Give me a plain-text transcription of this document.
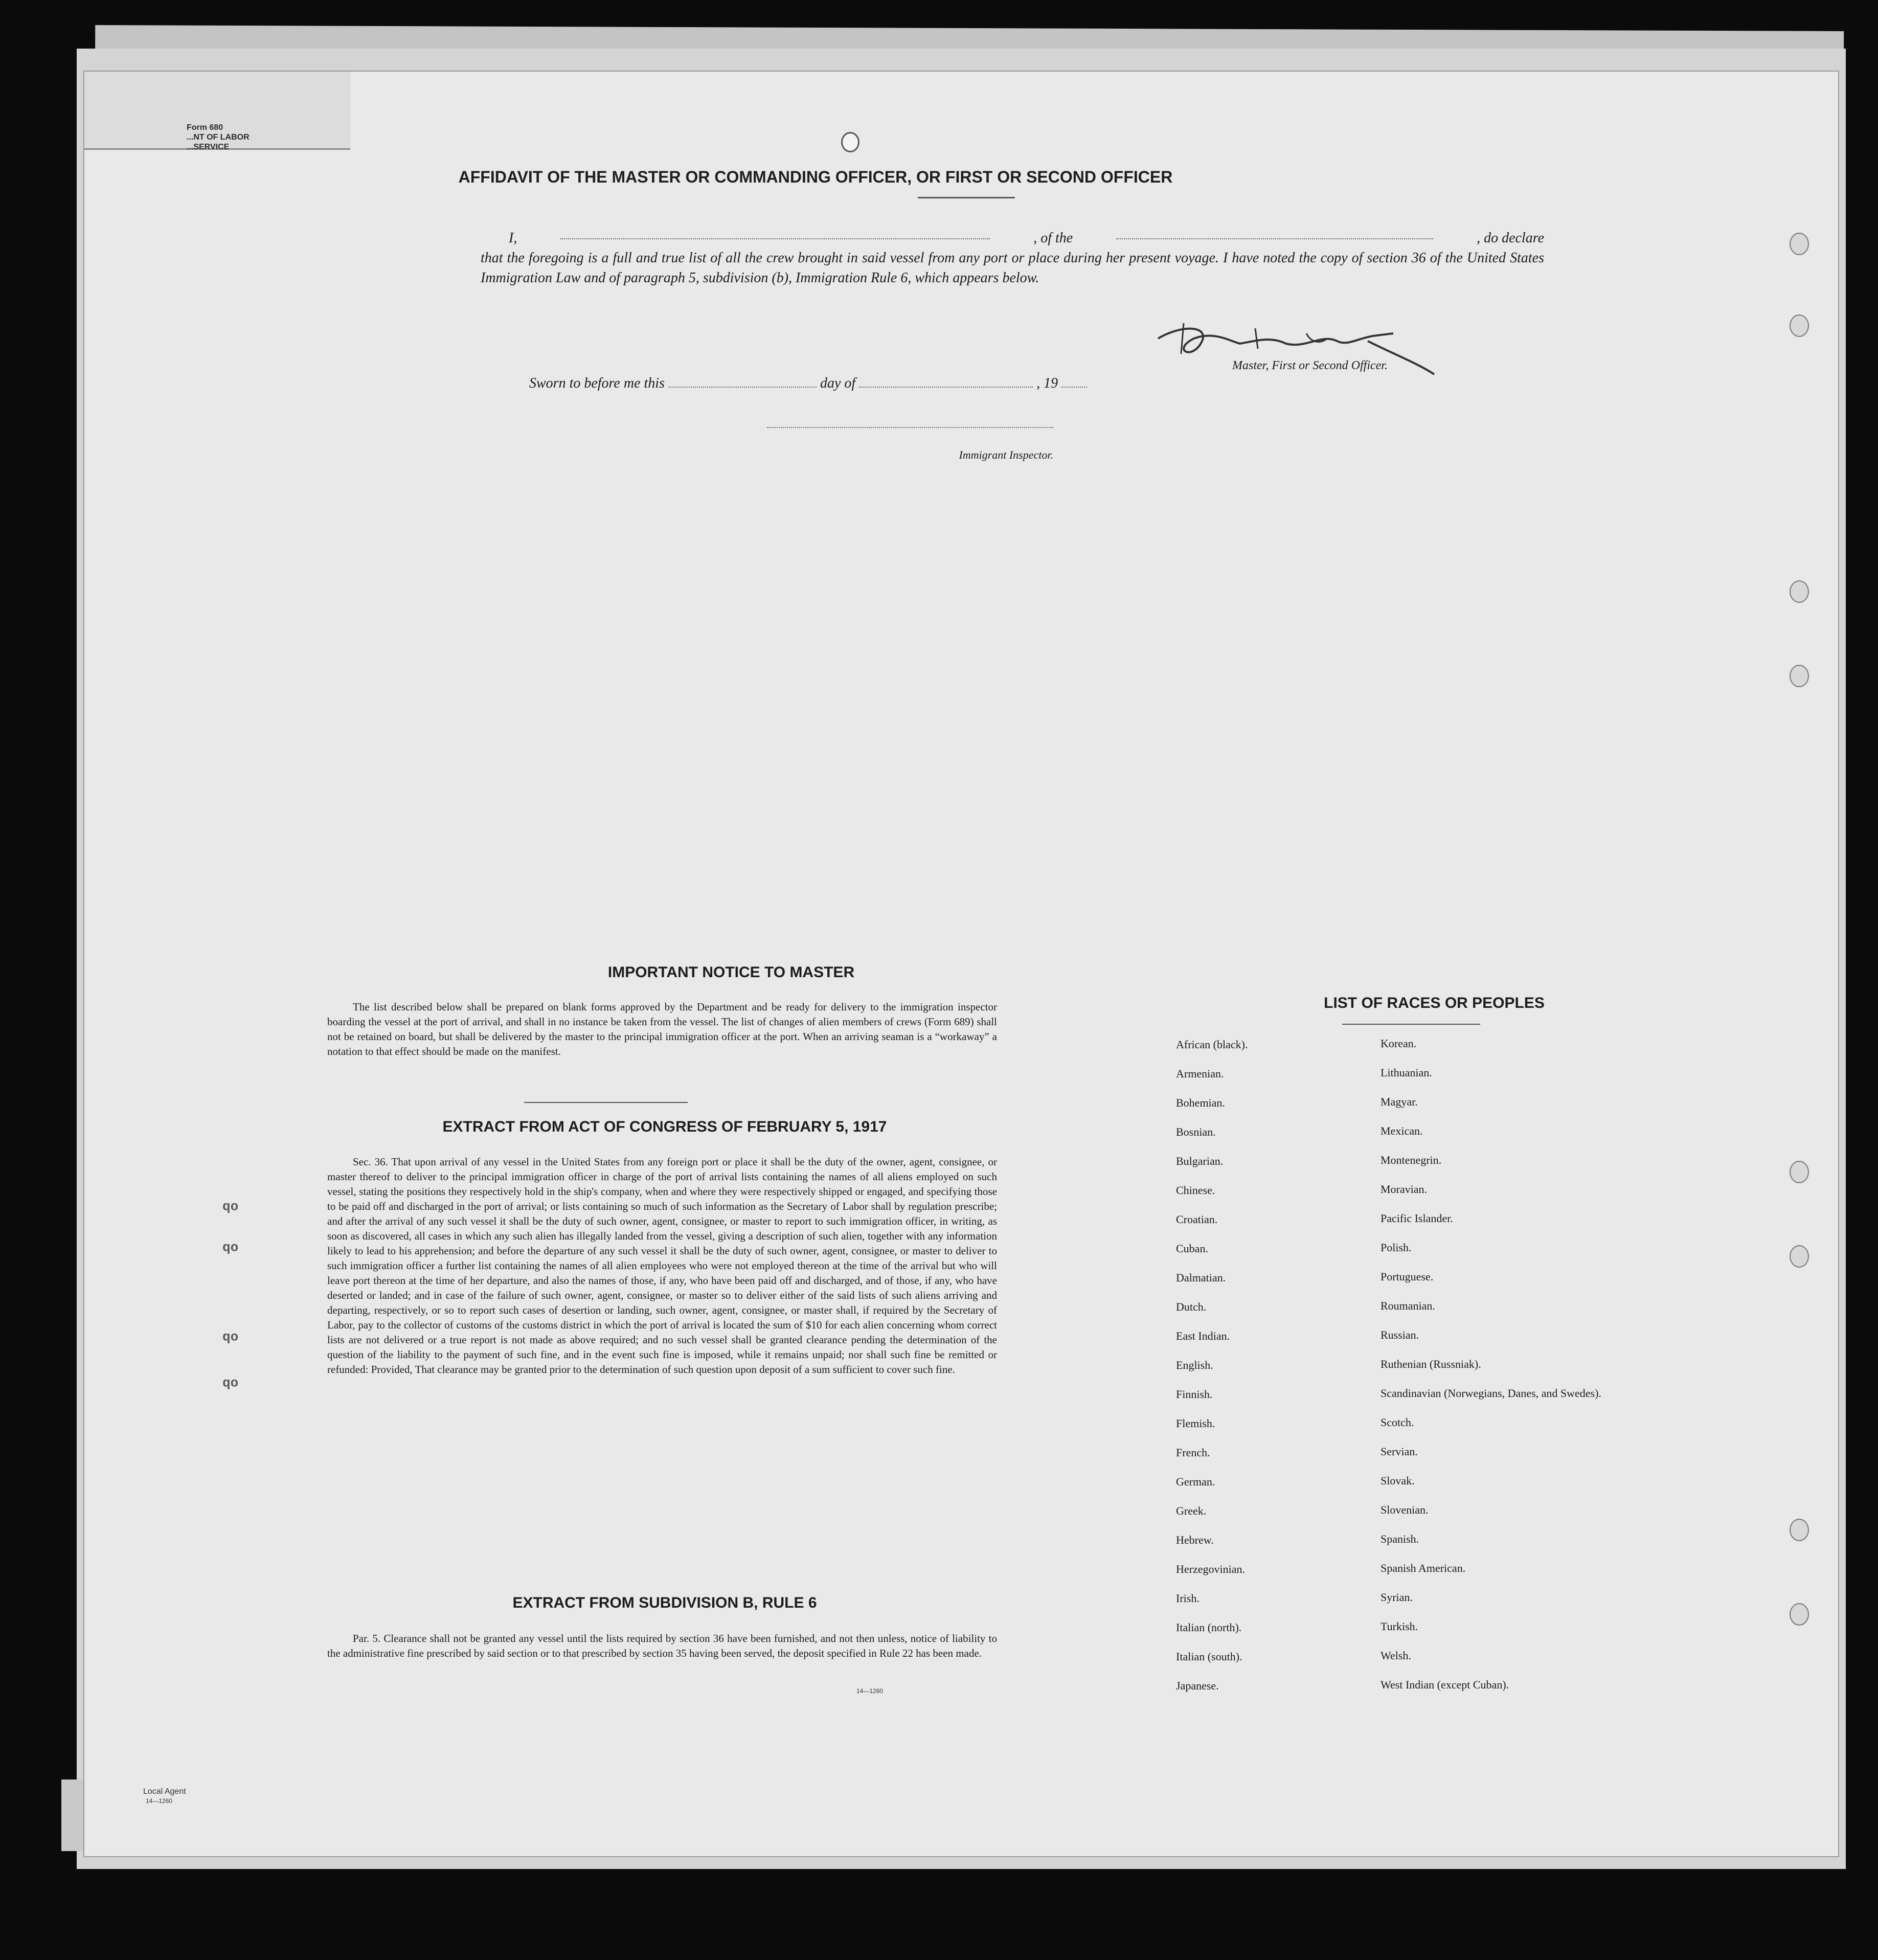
Form 680
...NT OF LABOR
...SERVICE
AFFIDAVIT OF THE MASTER OR COMMANDING OFFICER, OR FIRST OR SECOND OFFICER
I,	, of the	, do declare
that the foregoing is a full and true list of all the crew brought in said vessel from any port or place during her present voyage. I have noted the copy of section 36 of the United States Immigration Law and of paragraph 5, subdivision (b), Immigration Rule 6, which appears below.
Master, First or Second Officer.
Sworn to before me this	day of	, 19
Immigrant Inspector.
IMPORTANT NOTICE TO MASTER
The list described below shall be prepared on blank forms approved by the Department and be ready for delivery to the immigration inspector boarding the vessel at the port of arrival, and shall in no instance be taken from the vessel. The list of changes of alien members of crews (Form 689) shall not be retained on board, but shall be delivered by the master to the principal immigration officer at the port. When an arriving seaman is a “workaway” a notation to that effect should be made on the manifest.
EXTRACT FROM ACT OF CONGRESS OF FEBRUARY 5, 1917
Sec. 36. That upon arrival of any vessel in the United States from any foreign port or place it shall be the duty of the owner, agent, consignee, or master thereof to deliver to the principal immigration officer in charge of the port of arrival lists containing the names of all aliens employed on such vessel, stating the positions they respectively hold in the ship's company, when and where they were respectively shipped or engaged, and specifying those to be paid off and discharged in the port of arrival; or lists containing so much of such information as the Secretary of Labor shall by regulation prescribe; and after the arrival of any such vessel it shall be the duty of such owner, agent, consignee, or master to report to such immigration officer, in writing, as soon as discovered, all cases in which any such alien has illegally landed from the vessel, giving a description of such alien, together with any information likely to lead to his apprehension; and before the departure of any such vessel it shall be the duty of such owner, agent, consignee, or master to deliver to such immigration officer a further list containing the names of all alien employees who were not employed thereon at the time of the arrival but who will leave port thereon at the time of her departure, and also the names of those, if any, who have been paid off and discharged, and of those, if any, who have deserted or landed; and in case of the failure of such owner, agent, consignee, or master so to deliver either of the said lists of such aliens arriving and departing, respectively, or so to report such cases of desertion or landing, such owner, agent, consignee, or master shall, if required by the Secretary of Labor, pay to the collector of customs of the customs district in which the port of arrival is located the sum of $10 for each alien concerning whom correct lists are not delivered or a true report is not made as above required; and no such vessel shall be granted clearance pending the determination of the question of the liability to the payment of such fine, and in the event such fine is imposed, while it remains unpaid; nor shall such fine be remitted or refunded: Provided, That clearance may be granted prior to the determination of such question upon deposit of a sum sufficient to cover such fine.
EXTRACT FROM SUBDIVISION B, RULE 6
Par. 5. Clearance shall not be granted any vessel until the lists required by section 36 have been furnished, and not then unless, notice of liability to the administrative fine prescribed by said section or to that prescribed by section 35 having been served, the deposit specified in Rule 22 has been made.
14—1260
LIST OF RACES OR PEOPLES
African (black).	Korean.
Armenian.	Lithuanian.
Bohemian.	Magyar.
Bosnian.	Mexican.
Bulgarian.	Montenegrin.
Chinese.	Moravian.
Croatian.	Pacific Islander.
Cuban.	Polish.
Dalmatian.	Portuguese.
Dutch.	Roumanian.
East Indian.	Russian.
English.	Ruthenian (Russniak).
Finnish.	Scandinavian (Norwegians, Danes, and Swedes).
Flemish.	Scotch.
French.	Servian.
German.	Slovak.
Greek.	Slovenian.
Hebrew.	Spanish.
Herzegovinian.	Spanish American.
Irish.	Syrian.
Italian (north).	Turkish.
Italian (south).	Welsh.
Japanese.	West Indian (except Cuban).
do
do
do
do
Local Agent
14—1260
